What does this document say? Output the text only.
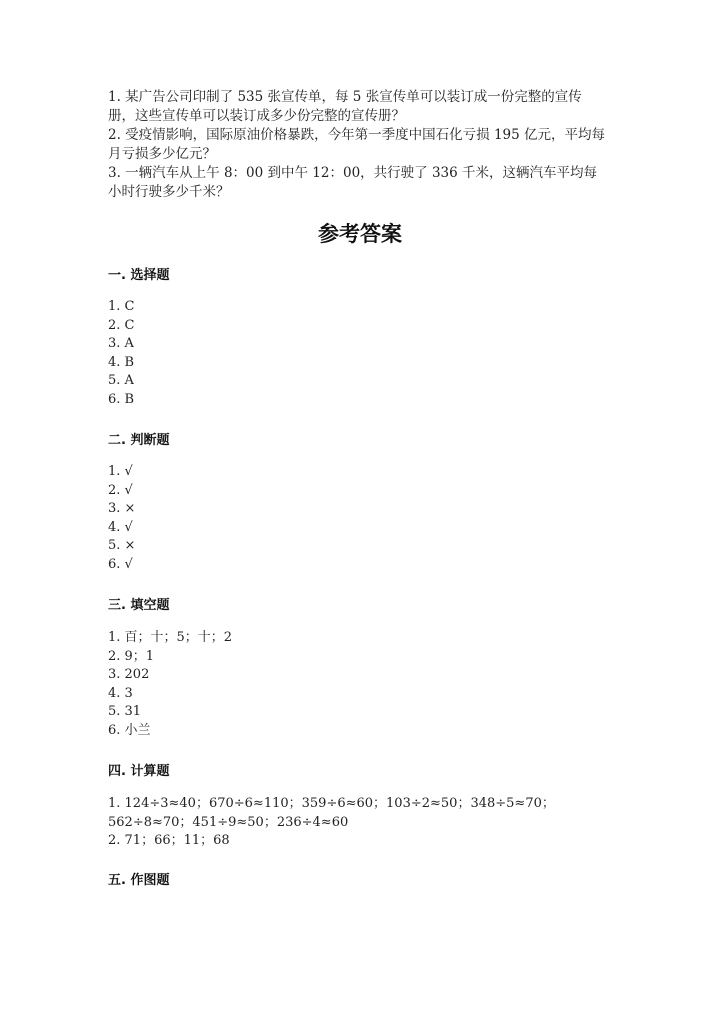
1. 某广告公司印制了 535 张宣传单，每 5 张宣传单可以装订成一份完整的宣传册，这些宣传单可以装订成多少份完整的宣传册？

2. 受疫情影响，国际原油价格暴跌，今年第一季度中国石化亏损 195 亿元，平均每月亏损多少亿元？

3. 一辆汽车从上午 8：00 到中午 12：00，共行驶了 336 千米，这辆汽车平均每小时行驶多少千米？

参考答案
一. 选择题
1. C
2. C
3. A
4. B
5. A
6. B
二. 判断题
1. √
2. √
3. ×
4. √
5. ×
6. √
三. 填空题
1. 百；十；5；十；2
2. 9；1
3. 202
4. 3
5. 31
6. 小兰
四. 计算题
1. 124÷3≈40；670÷6≈110；359÷6≈60；103÷2≈50；348÷5≈70；
562÷8≈70；451÷9≈50；236÷4≈60
2. 71；66；11；68
五. 作图题
